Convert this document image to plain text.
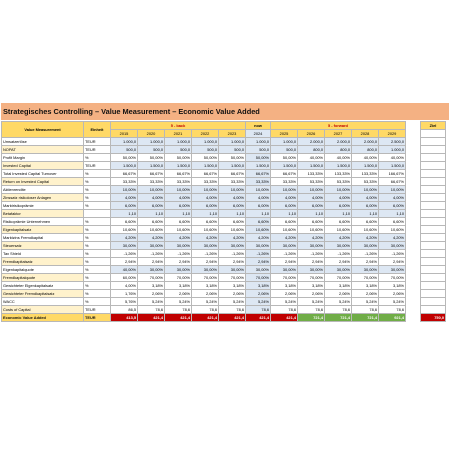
Strategisches Controlling – Value Measurement – Economic Value Added
Value Measurement	Einheit	5 - back					now	5 - forward						Ziel
		2015	2020	2021	2022	2023	2024	2025	2026	2027	2028	2029		
Umsatzerlöse	TEUR	1.000,0	1.000,0	1.000,0	1.000,0	1.000,0	1.000,0	1.000,0	2.000,0	2.000,0	2.000,0	2.500,0		
NOPAT	TEUR	500,0	500,0	500,0	500,0	500,0	500,0	500,0	800,0	800,0	800,0	1.000,0		
Profit Margin	%	50,00%	50,00%	50,00%	50,00%	50,00%	50,00%	50,00%	40,00%	40,00%	40,00%	40,00%		
Invested Capital	TEUR	1.500,0	1.500,0	1.500,0	1.500,0	1.500,0	1.500,0	1.500,0	1.500,0	1.500,0	1.500,0	1.500,0		
Total Invested Capital Turnover	%	66,67%	66,67%	66,67%	66,67%	66,67%	66,67%	66,67%	133,33%	133,33%	133,33%	166,67%		
Return on Invested Capital	%	33,33%	33,33%	33,33%	33,33%	33,33%	33,33%	33,33%	53,33%	53,33%	53,33%	66,67%		
Aktienrendite	%	10,00%	10,00%	10,00%	10,00%	10,00%	10,00%	10,00%	10,00%	10,00%	10,00%	10,00%		
Zinssatz risikoloser Anlagen	%	4,00%	4,00%	4,00%	4,00%	4,00%	4,00%	4,00%	4,00%	4,00%	4,00%	4,00%		
Marktrisikoprämie	%	6,00%	6,00%	6,00%	6,00%	6,00%	6,00%	6,00%	6,00%	6,00%	6,00%	6,00%		
Betafaktor		1,10	1,10	1,10	1,10	1,10	1,10	1,10	1,10	1,10	1,10	1,10		
Risikoprämie Unternehmen	%	6,60%	6,60%	6,60%	6,60%	6,60%	6,60%	6,60%	6,60%	6,60%	6,60%	6,60%		
Eigenkapitalsatz	%	10,60%	10,60%	10,60%	10,60%	10,60%	10,60%	10,60%	10,60%	10,60%	10,60%	10,60%		
Marktzins Fremdkapital	%	4,20%	4,20%	4,20%	4,20%	4,20%	4,20%	4,20%	4,20%	4,20%	4,20%	4,20%		
Steuersatz	%	30,00%	30,00%	30,00%	30,00%	30,00%	30,00%	30,00%	30,00%	30,00%	30,00%	30,00%		
Tax Shield	%	-1,26%	-1,26%	-1,26%	-1,26%	-1,26%	-1,26%	-1,26%	-1,26%	-1,26%	-1,26%	-1,26%		
Fremdkapitalsatz	%	2,94%	2,94%	2,94%	2,94%	2,94%	2,94%	2,94%	2,94%	2,94%	2,94%	2,94%		
Eigenkapitalquote	%	40,00%	30,00%	30,00%	30,00%	30,00%	30,00%	30,00%	30,00%	30,00%	30,00%	30,00%		
Fremdkapitalquote	%	60,00%	70,00%	70,00%	70,00%	70,00%	70,00%	70,00%	70,00%	70,00%	70,00%	70,00%		
Gewichteter Eigenkapitalsatz	%	4,00%	3,18%	3,18%	3,18%	3,18%	3,18%	3,18%	3,18%	3,18%	3,18%	3,18%		
Gewichteter Fremdkapitalsatz	%	1,76%	2,06%	2,06%	2,06%	2,06%	2,06%	2,06%	2,06%	2,06%	2,06%	2,06%		
WACC	%	5,76%	5,24%	5,24%	5,24%	5,24%	5,24%	5,24%	5,24%	5,24%	5,24%	5,24%		
Costs of Capital	TEUR	86,5	78,6	78,6	78,6	78,6	78,6	78,6	78,6	78,6	78,6	78,6		
Economic Value Added	TEUR	413,5	421,4	421,4	421,4	421,4	421,4	421,4	721,4	721,4	721,4	921,4		750,0
